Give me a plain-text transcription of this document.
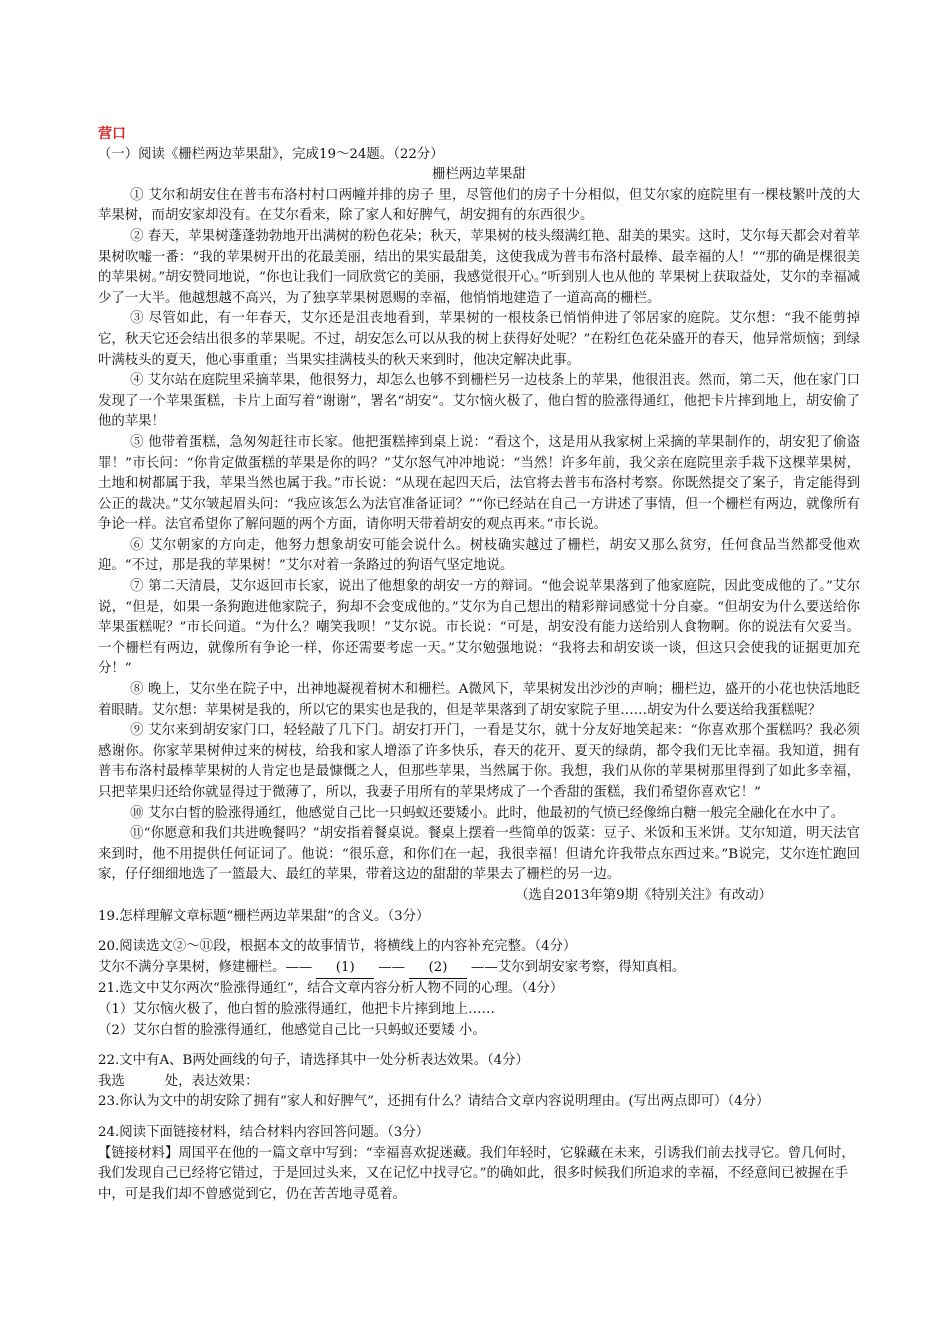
营口

（一）阅读《栅栏两边苹果甜》，完成19～24题。（22分）

栅栏两边苹果甜

① 艾尔和胡安住在普韦布洛村村口两幢并排的房子 里，尽管他们的房子十分相似，但艾尔家的庭院里有一棵枝繁叶茂的大苹果树，而胡安家却没有。在艾尔看来，除了家人和好脾气，胡安拥有的东西很少。

② 春天，苹果树蓬蓬勃勃地开出满树的粉色花朵；秋天，苹果树的枝头缀满红艳、甜美的果实。这时，艾尔每天都会对着苹果树吹嘘一番：“我的苹果树开出的花最美丽，结出的果实最甜美，这使我成为普韦布洛村最棒、最幸福的人！”“那的确是棵很美的苹果树。”胡安赞同地说，“你也让我们一同欣赏它的美丽，我感觉很开心。”听到别人也从他的 苹果树上获取益处，艾尔的幸福减少了一大半。他越想越不高兴，为了独享苹果树恩赐的幸福，他悄悄地建造了一道高高的栅栏。

③ 尽管如此，有一年春天，艾尔还是沮丧地看到，苹果树的一根枝条已悄悄伸进了邻居家的庭院。艾尔想：“我不能剪掉它，秋天它还会结出很多的苹果呢。不过，胡安怎么可以从我的树上获得好处呢？”在粉红色花朵盛开的春天，他异常烦恼；到绿叶满枝头的夏天，他心事重重；当果实挂满枝头的秋天来到时，他决定解决此事。

④ 艾尔站在庭院里采摘苹果，他很努力，却怎么也够不到栅栏另一边枝条上的苹果，他很沮丧。然而，第二天，他在家门口发现了一个苹果蛋糕，卡片上面写着“谢谢”，署名“胡安”。艾尔恼火极了，他白皙的脸涨得通红，他把卡片摔到地上，胡安偷了他的苹果！

⑤ 他带着蛋糕，急匆匆赶往市长家。他把蛋糕摔到桌上说：“看这个，这是用从我家树上采摘的苹果制作的，胡安犯了偷盗罪！”市长问：“你肯定做蛋糕的苹果是你的吗？”艾尔怒气冲冲地说：“当然！许多年前，我父亲在庭院里亲手栽下这棵苹果树，土地和树都属于我，苹果当然也属于我。”市长说：“从现在起四天后，法官将去普韦布洛村考察。你既然提交了案子，肯定能得到公正的裁决。”艾尔皱起眉头问：“我应该怎么为法官准备证词？”“你已经站在自己一方讲述了事情，但一个栅栏有两边，就像所有争论一样。法官希望你了解问题的两个方面，请你明天带着胡安的观点再来。”市长说。

⑥ 艾尔朝家的方向走，他努力想象胡安可能会说什么。树枝确实越过了栅栏，胡安又那么贫穷，任何食品当然都受他欢迎。“不过，那是我的苹果树！”艾尔对着一条路过的狗语气坚定地说。

⑦ 第二天清晨，艾尔返回市长家，说出了他想象的胡安一方的辩词。“他会说苹果落到了他家庭院，因此变成他的了。”艾尔说，“但是，如果一条狗跑进他家院子，狗却不会变成他的。”艾尔为自己想出的精彩辩词感觉十分自豪。“但胡安为什么要送给你苹果蛋糕呢？”市长问道。“为什么？嘲笑我呗！”艾尔说。市长说：“可是，胡安没有能力送给别人食物啊。你的说法有欠妥当。一个栅栏有两边，就像所有争论一样，你还需要考虑一天。”艾尔勉强地说：“我将去和胡安谈一谈，但这只会使我的证据更加充分！”

⑧ 晚上，艾尔坐在院子中，出神地凝视着树木和栅栏。A微风下，苹果树发出沙沙的声响；栅栏边，盛开的小花也快活地眨着眼睛。艾尔想：苹果树是我的，所以它的果实也是我的，但是苹果落到了胡安家院子里……胡安为什么要送给我蛋糕呢？

⑨ 艾尔来到胡安家门口，轻轻敲了几下门。胡安打开门，一看是艾尔，就十分友好地笑起来：“你喜欢那个蛋糕吗？我必须感谢你。你家苹果树伸过来的树枝，给我和家人增添了许多快乐，春天的花开、夏天的绿荫，都令我们无比幸福。我知道，拥有普韦布洛村最棒苹果树的人肯定也是最慷慨之人，但那些苹果，当然属于你。我想，我们从你的苹果树那里得到了如此多幸福，只把苹果归还给你就显得过于微薄了，所以，我妻子用所有的苹果烤成了一个香甜的蛋糕，我们希望你喜欢它！”

⑩ 艾尔白皙的脸涨得通红，他感觉自己比一只蚂蚁还要矮小。此时，他最初的气愤已经像绵白糖一般完全融化在水中了。

⑪“你愿意和我们共进晚餐吗？”胡安指着餐桌说。餐桌上摆着一些简单的饭菜：豆子、米饭和玉米饼。艾尔知道，明天法官来到时，他不用提供任何证词了。他说：“很乐意，和你们在一起，我很幸福！但请允许我带点东西过来。”B说完，艾尔连忙跑回家，仔仔细细地选了一篮最大、最红的苹果，带着这边的甜甜的苹果去了栅栏的另一边。

（选自2013年第9期《特别关注》有改动）

19.怎样理解文章标题“栅栏两边苹果甜”的含义。（3分）

20.阅读选文②～⑪段，根据本文的故事情节，将横线上的内容补充完整。（4分）

艾尔不满分享果树，修建栅栏。—— (1) —— (2) ——艾尔到胡安家考察，得知真相。

21.选文中艾尔两次“脸涨得通红”，结合文章内容分析人物不同的心理。（4分）

（1）艾尔恼火极了，他白皙的脸涨得通红，他把卡片摔到地上……

（2）艾尔白皙的脸涨得通红，他感觉自己比一只蚂蚁还要矮 小。

22.文中有A、B两处画线的句子，请选择其中一处分析表达效果。（4分）

我选	处，表达效果：

23.你认为文中的胡安除了拥有“家人和好脾气”，还拥有什么？请结合文章内容说明理由。(写出两点即可）（4分）

24.阅读下面链接材料，结合材料内容回答问题。（3分）

【链接材料】周国平在他的一篇文章中写到：“幸福喜欢捉迷藏。我们年轻时，它躲藏在未来，引诱我们前去找寻它。曾几何时，我们发现自己已经将它错过，于是回过头来，又在记忆中找寻它。”的确如此，很多时候我们所追求的幸福，不经意间已被握在手中，可是我们却不曾感觉到它，仍在苦苦地寻觅着。
